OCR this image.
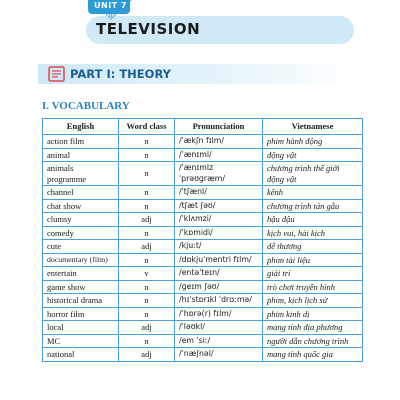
UNIT 7
TELEVISION
PART I: THEORY
I. VOCABULARY
English	Word class	Pronunciation	Vietnamese
action film	n	/ˈækʃn fɪlm/	phim hành động
animal	n	/ˈænɪml/	động vật
animals programme	n	/ˈænɪmlz ˈprəʊɡræm/	chương trình thế giới động vật
channel	n	/ˈtʃænl/	kênh
chat show	n	/tʃæt ʃəʊ/	chương trình tán gẫu
clumsy	adj	/ˈklʌmzi/	hậu đậu
comedy	n	/ˈkɒmidi/	kịch vui, hài kịch
cute	adj	/kjuːt/	dễ thương
documentary (film)	n	/dɒkjuˈmentri fɪlm/	phim tài liệu
entertain	v	/entəˈteɪn/	giải trí
game show	n	/ɡeɪm ʃəʊ/	trò chơi truyền hình
historical drama	n	/hɪˈstɒrɪkl ˈdrɑːmə/	phim, kịch lịch sử
horror film	n	/ˈhɒrə(r) fɪlm/	phim kinh dị
local	adj	/ˈləʊkl/	mang tính địa phương
MC	n	/em ˈsiː/	người dẫn chương trình
national	adj	/ˈnæʃnəl/	mang tính quốc gia
